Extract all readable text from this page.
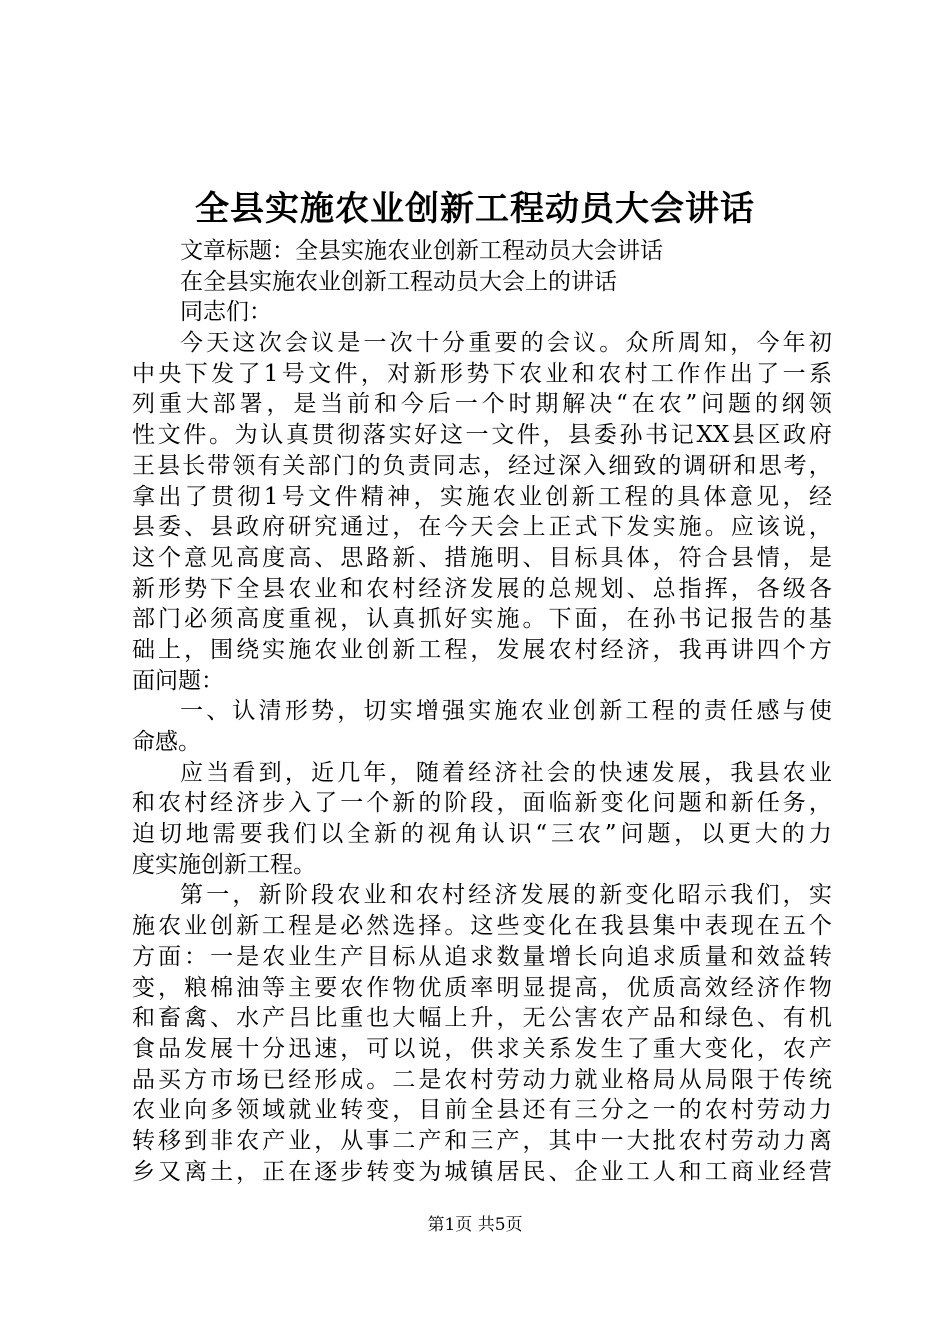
全县实施农业创新工程动员大会讲话
文章标题：全县实施农业创新工程动员大会讲话
在全县实施农业创新工程动员大会上的讲话
同志们：
今 天 这 次 会 议 是 一 次 十 分 重 要 的 会 议 。 众 所 周 知 ， 今 年 初
中 央 下 发 了 1 号 文 件 ， 对 新 形 势 下 农 业 和 农 村 工 作 作 出 了 一 系
列 重 大 部 署 ， 是 当 前 和 今 后 一 个 时 期 解 决 “ 在 农 ” 问 题 的 纲 领
性 文 件 。 为 认 真 贯 彻 落 实 好 这 一 文 件 ， 县 委 孙 书 记 XX 县 区 政 府
王 县 长 带 领 有 关 部 门 的 负 责 同 志 ， 经 过 深 入 细 致 的 调 研 和 思 考 ，
拿 出 了 贯 彻 1 号 文 件 精 神 ， 实 施 农 业 创 新 工 程 的 具 体 意 见 ， 经
县 委 、 县 政 府 研 究 通 过 ， 在 今 天 会 上 正 式 下 发 实 施 。 应 该 说 ，
这 个 意 见 高 度 高 、 思 路 新 、 措 施 明 、 目 标 具 体 ， 符 合 县 情 ， 是
新 形 势 下 全 县 农 业 和 农 村 经 济 发 展 的 总 规 划 、 总 指 挥 ， 各 级 各
部 门 必 须 高 度 重 视 ， 认 真 抓 好 实 施 。 下 面 ， 在 孙 书 记 报 告 的 基
础 上 ， 围 绕 实 施 农 业 创 新 工 程 ， 发 展 农 村 经 济 ， 我 再 讲 四 个 方
面问题：
一 、 认 清 形 势 ， 切 实 增 强 实 施 农 业 创 新 工 程 的 责 任 感 与 使
命感。
应 当 看 到 ， 近 几 年 ， 随 着 经 济 社 会 的 快 速 发 展 ， 我 县 农 业
和 农 村 经 济 步 入 了 一 个 新 的 阶 段 ， 面 临 新 变 化 问 题 和 新 任 务 ，
迫 切 地 需 要 我 们 以 全 新 的 视 角 认 识 “ 三 农 ” 问 题 ， 以 更 大 的 力
度实施创新工程。
第 一 ， 新 阶 段 农 业 和 农 村 经 济 发 展 的 新 变 化 昭 示 我 们 ， 实
施 农 业 创 新 工 程 是 必 然 选 择 。 这 些 变 化 在 我 县 集 中 表 现 在 五 个
方 面 ： 一 是 农 业 生 产 目 标 从 追 求 数 量 增 长 向 追 求 质 量 和 效 益 转
变 ， 粮 棉 油 等 主 要 农 作 物 优 质 率 明 显 提 高 ， 优 质 高 效 经 济 作 物
和 畜 禽 、 水 产 吕 比 重 也 大 幅 上 升 ， 无 公 害 农 产 品 和 绿 色 、 有 机
食 品 发 展 十 分 迅 速 ， 可 以 说 ， 供 求 关 系 发 生 了 重 大 变 化 ， 农 产
品 买 方 市 场 已 经 形 成 。 二 是 农 村 劳 动 力 就 业 格 局 从 局 限 于 传 统
农 业 向 多 领 域 就 业 转 变 ， 目 前 全 县 还 有 三 分 之 一 的 农 村 劳 动 力
转 移 到 非 农 产 业 ， 从 事 二 产 和 三 产 ， 其 中 一 大 批 农 村 劳 动 力 离
乡 又 离 土 ， 正 在 逐 步 转 变 为 城 镇 居 民 、 企 业 工 人 和 工 商 业 经 营
第1页 共5页
